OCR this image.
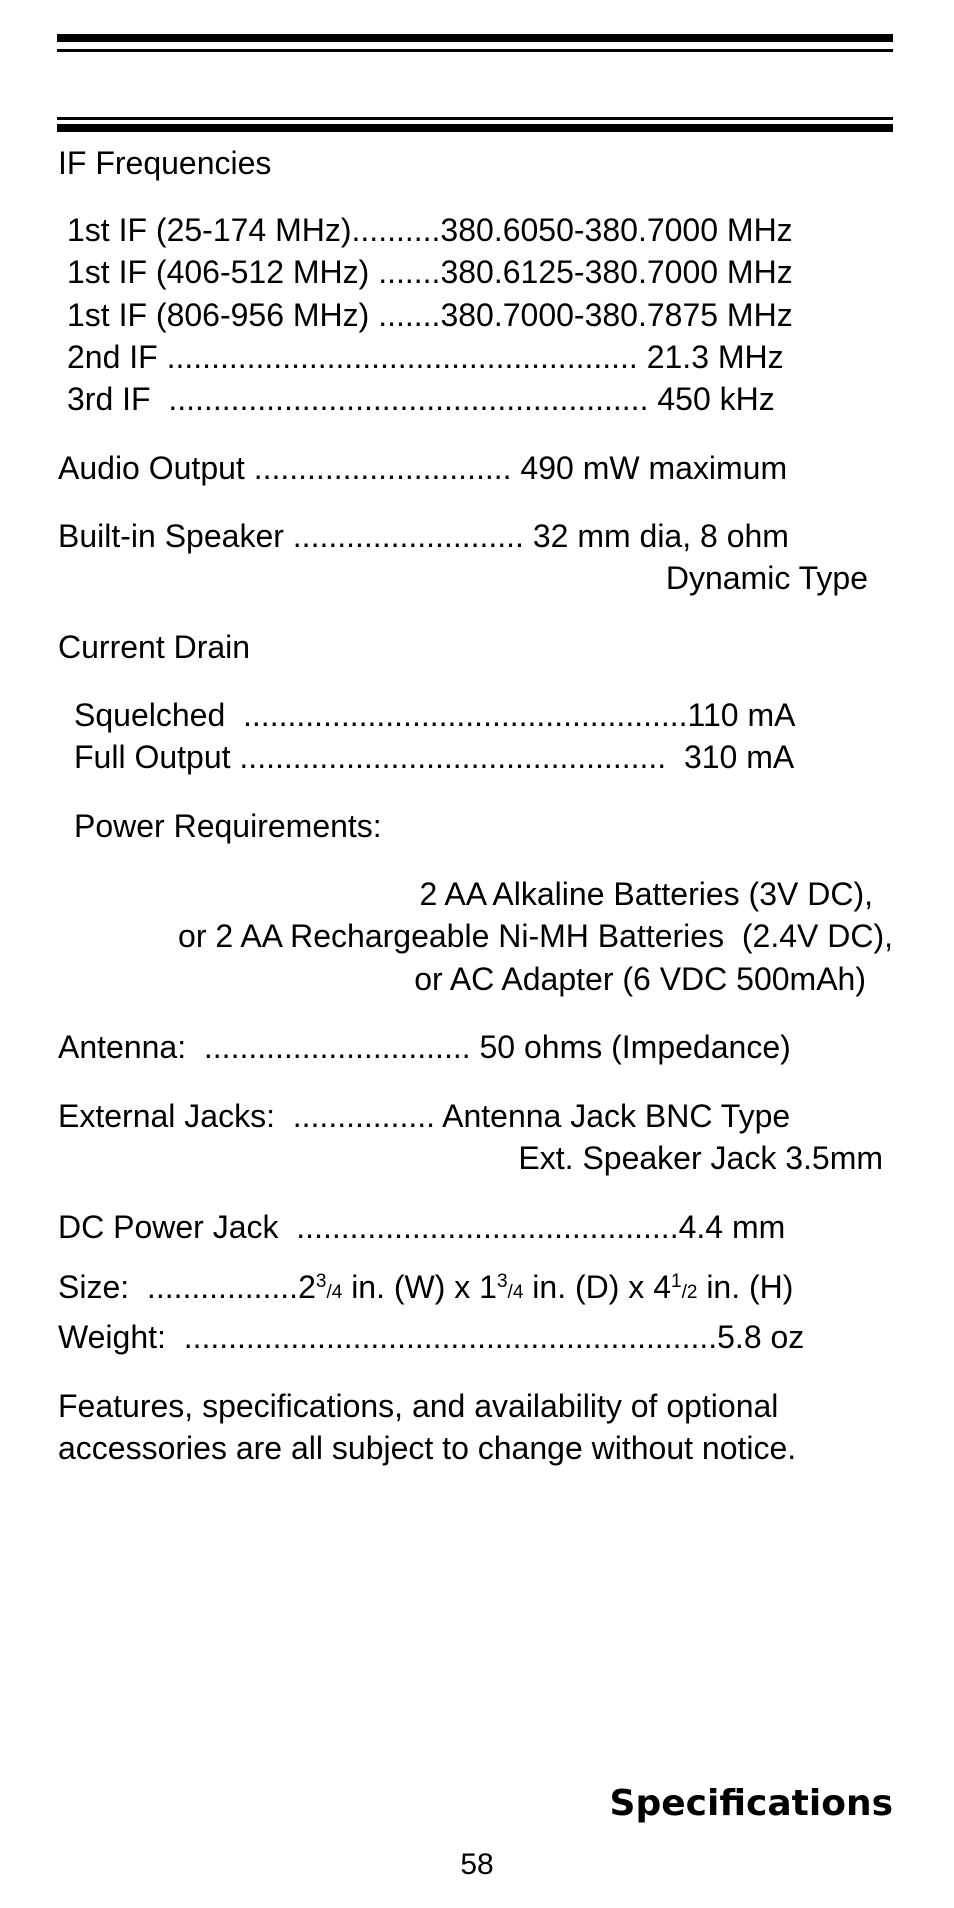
IF Frequencies
1st IF (25-174 MHz)..........380.6050-380.7000 MHz
1st IF (406-512 MHz) .......380.6125-380.7000 MHz
1st IF (806-956 MHz) .......380.7000-380.7875 MHz
2nd IF ..................................................... 21.3 MHz
3rd IF  ...................................................... 450 kHz
Audio Output ............................. 490 mW maximum
Built-in Speaker .......................... 32 mm dia, 8 ohm
Dynamic Type
Current Drain
Squelched  ..................................................110 mA
Full Output ................................................  310 mA
Power Requirements:
2 AA Alkaline Batteries (3V DC),
or 2 AA Rechargeable Ni-MH Batteries  (2.4V DC),
or AC Adapter (6 VDC 500mAh)
Antenna:  .............................. 50 ohms (Impedance)
External Jacks:  ................ Antenna Jack BNC Type
Ext. Speaker Jack 3.5mm
DC Power Jack  ...........................................4.4 mm
Size:  .................2$^3$/4 in. (W) x $1^3/4$ in. (D) x $4^1/2$ in. (H)
Weight:  ............................................................5.8 oz
Features, specifications, and availability of optional
accessories are all subject to change without notice.
Specifications
58
